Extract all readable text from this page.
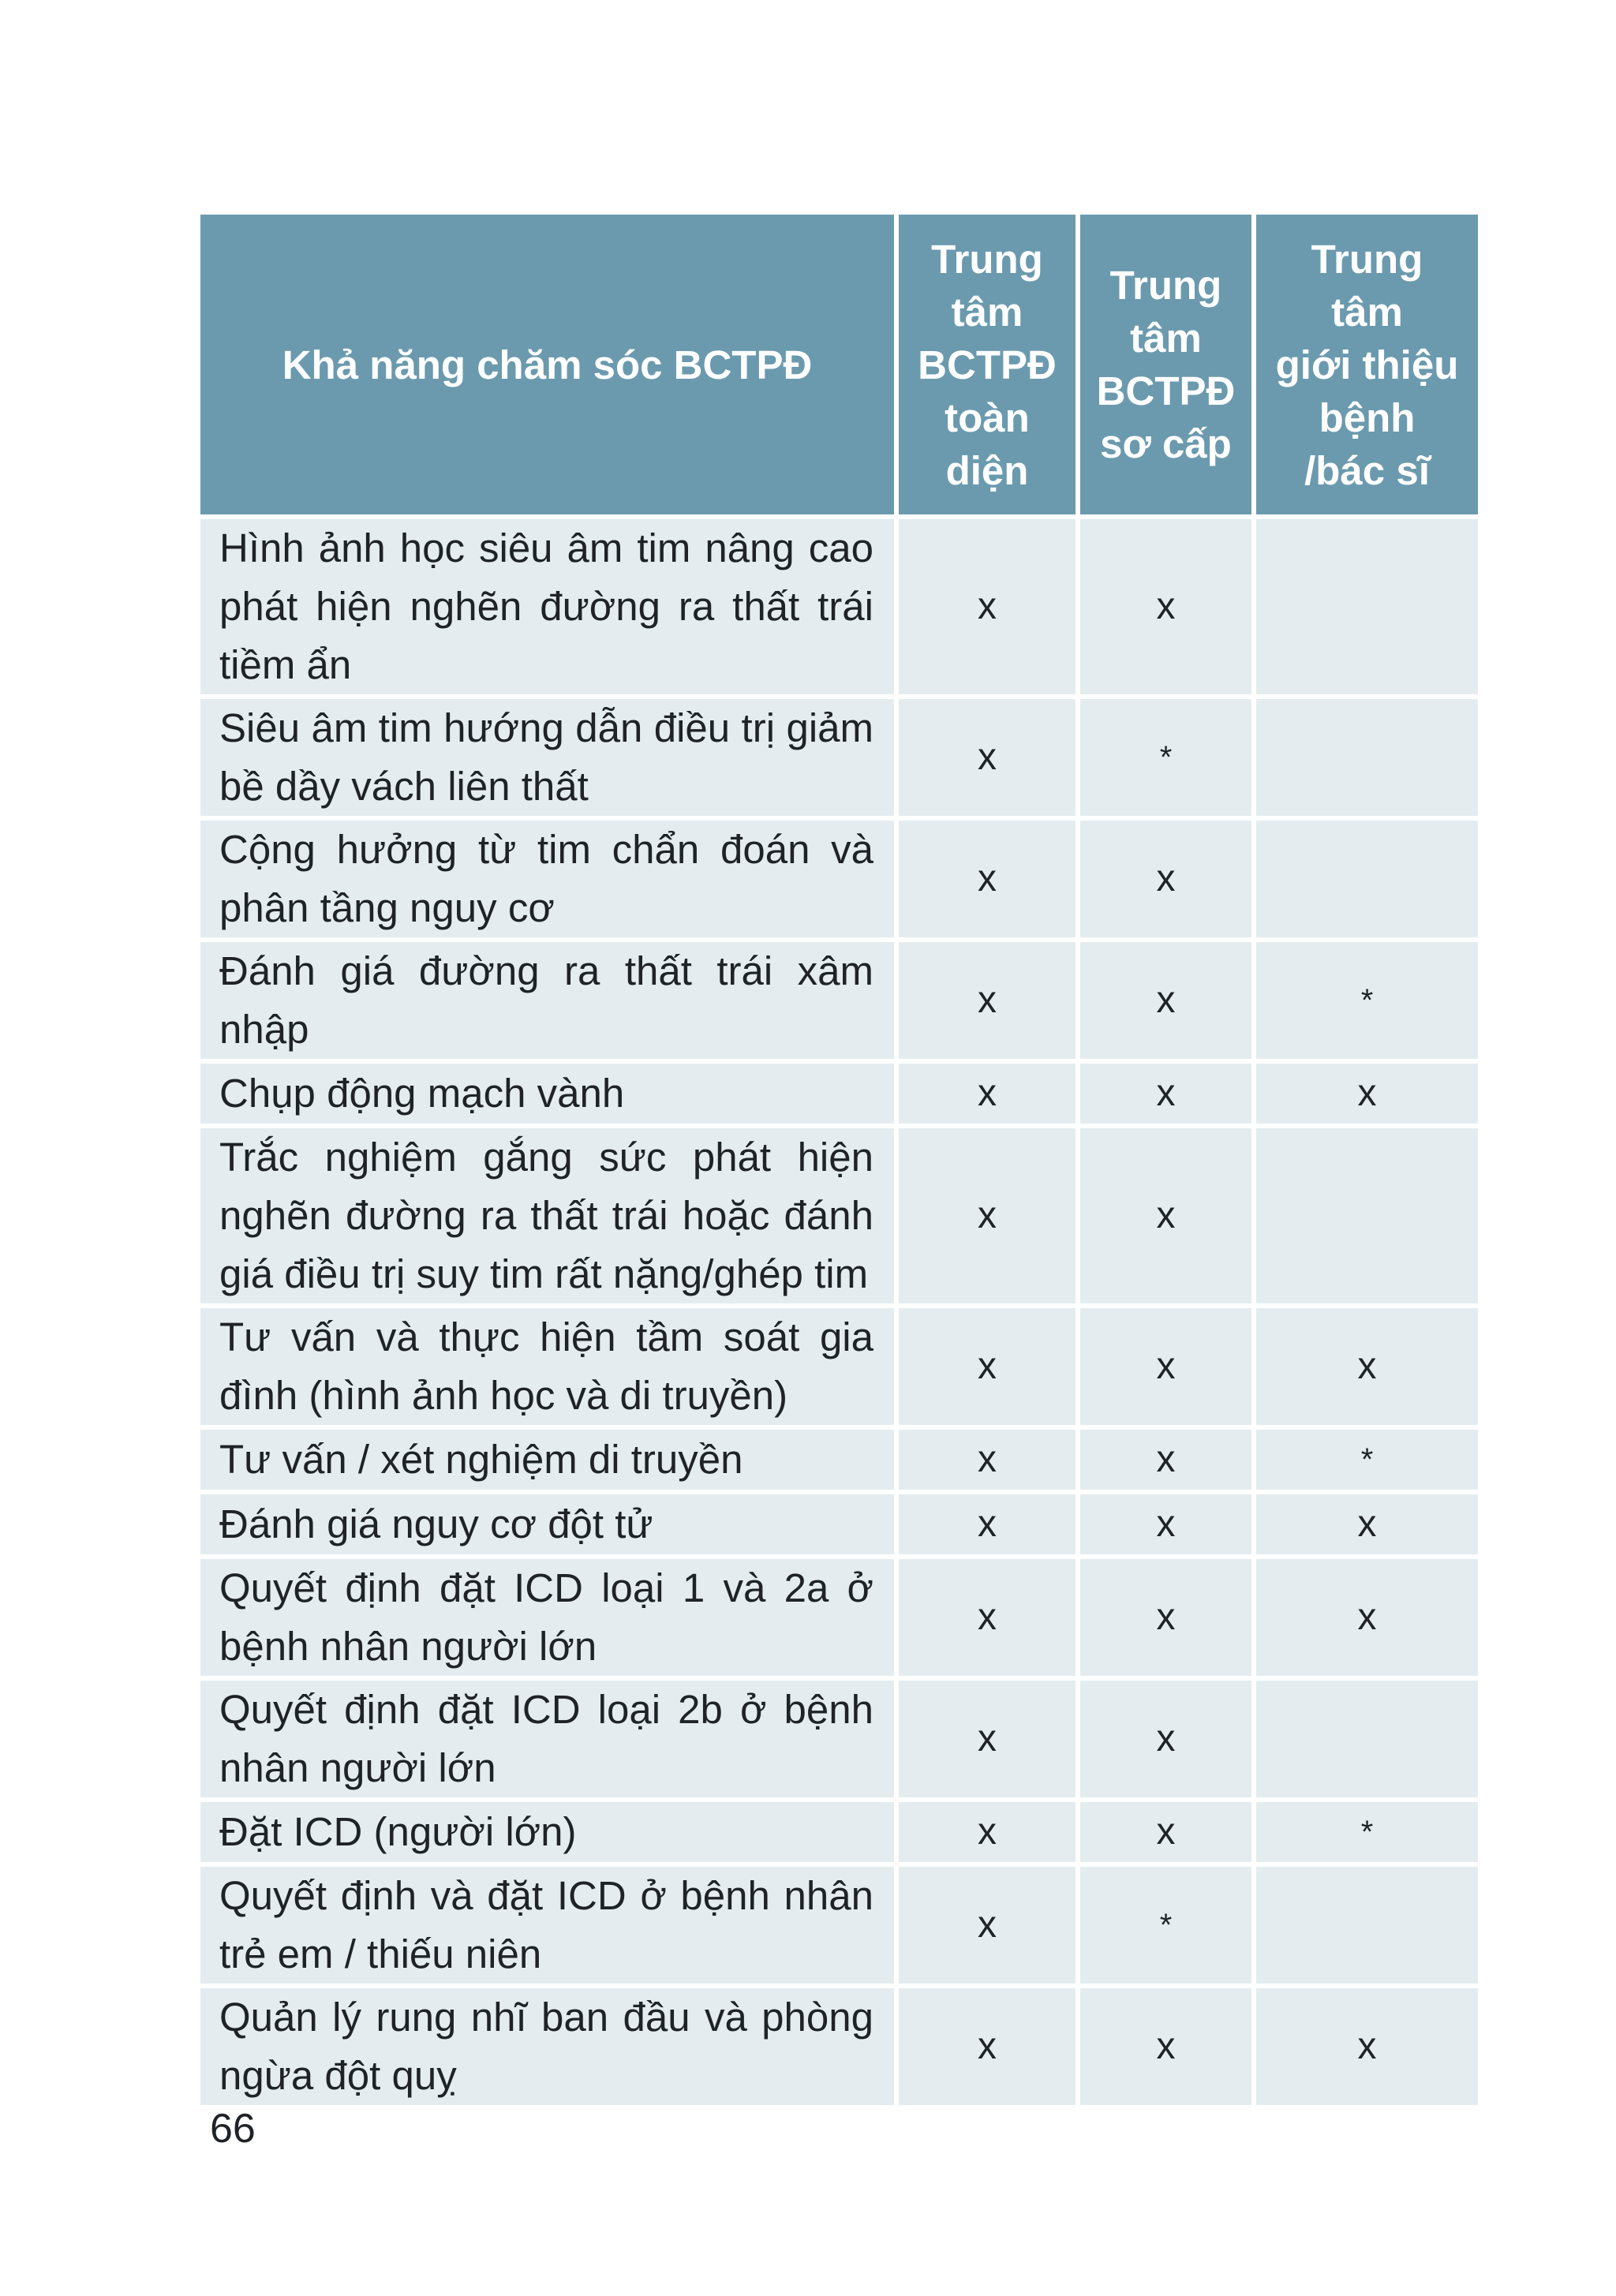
Khả năng chăm sóc BCTPĐ	Trung
tâm
BCTPĐ
toàn
diện	Trung
tâm
BCTPĐ
sơ cấp	Trung
tâm
giới thiệu
bệnh
/bác sĩ

Hình ảnh học siêu âm tim nâng cao phát hiện nghẽn đường ra thất trái tiềm ẩn	x	x	
Siêu âm tim hướng dẫn điều trị giảm bề dầy vách liên thất	x	*	
Cộng hưởng từ tim chẩn đoán và phân tầng nguy cơ	x	x	
Đánh giá đường ra thất trái xâm nhập	x	x	*
Chụp động mạch vành	x	x	x
Trắc nghiệm gắng sức phát hiện nghẽn đường ra thất trái hoặc đánh giá điều trị suy tim rất nặng/ghép tim	x	x	
Tư vấn và thực hiện tầm soát gia đình (hình ảnh học và di truyền)	x	x	x
Tư vấn / xét nghiệm di truyền	x	x	*
Đánh giá nguy cơ đột tử	x	x	x
Quyết định đặt ICD loại 1 và 2a ở bệnh nhân người lớn	x	x	x
Quyết định đặt ICD loại 2b ở bệnh nhân người lớn	x	x	
Đặt ICD (người lớn)	x	x	*
Quyết định và đặt ICD ở bệnh nhân trẻ em / thiếu niên	x	*	
Quản lý rung nhĩ ban đầu và phòng ngừa đột quỵ	x	x	x
66
